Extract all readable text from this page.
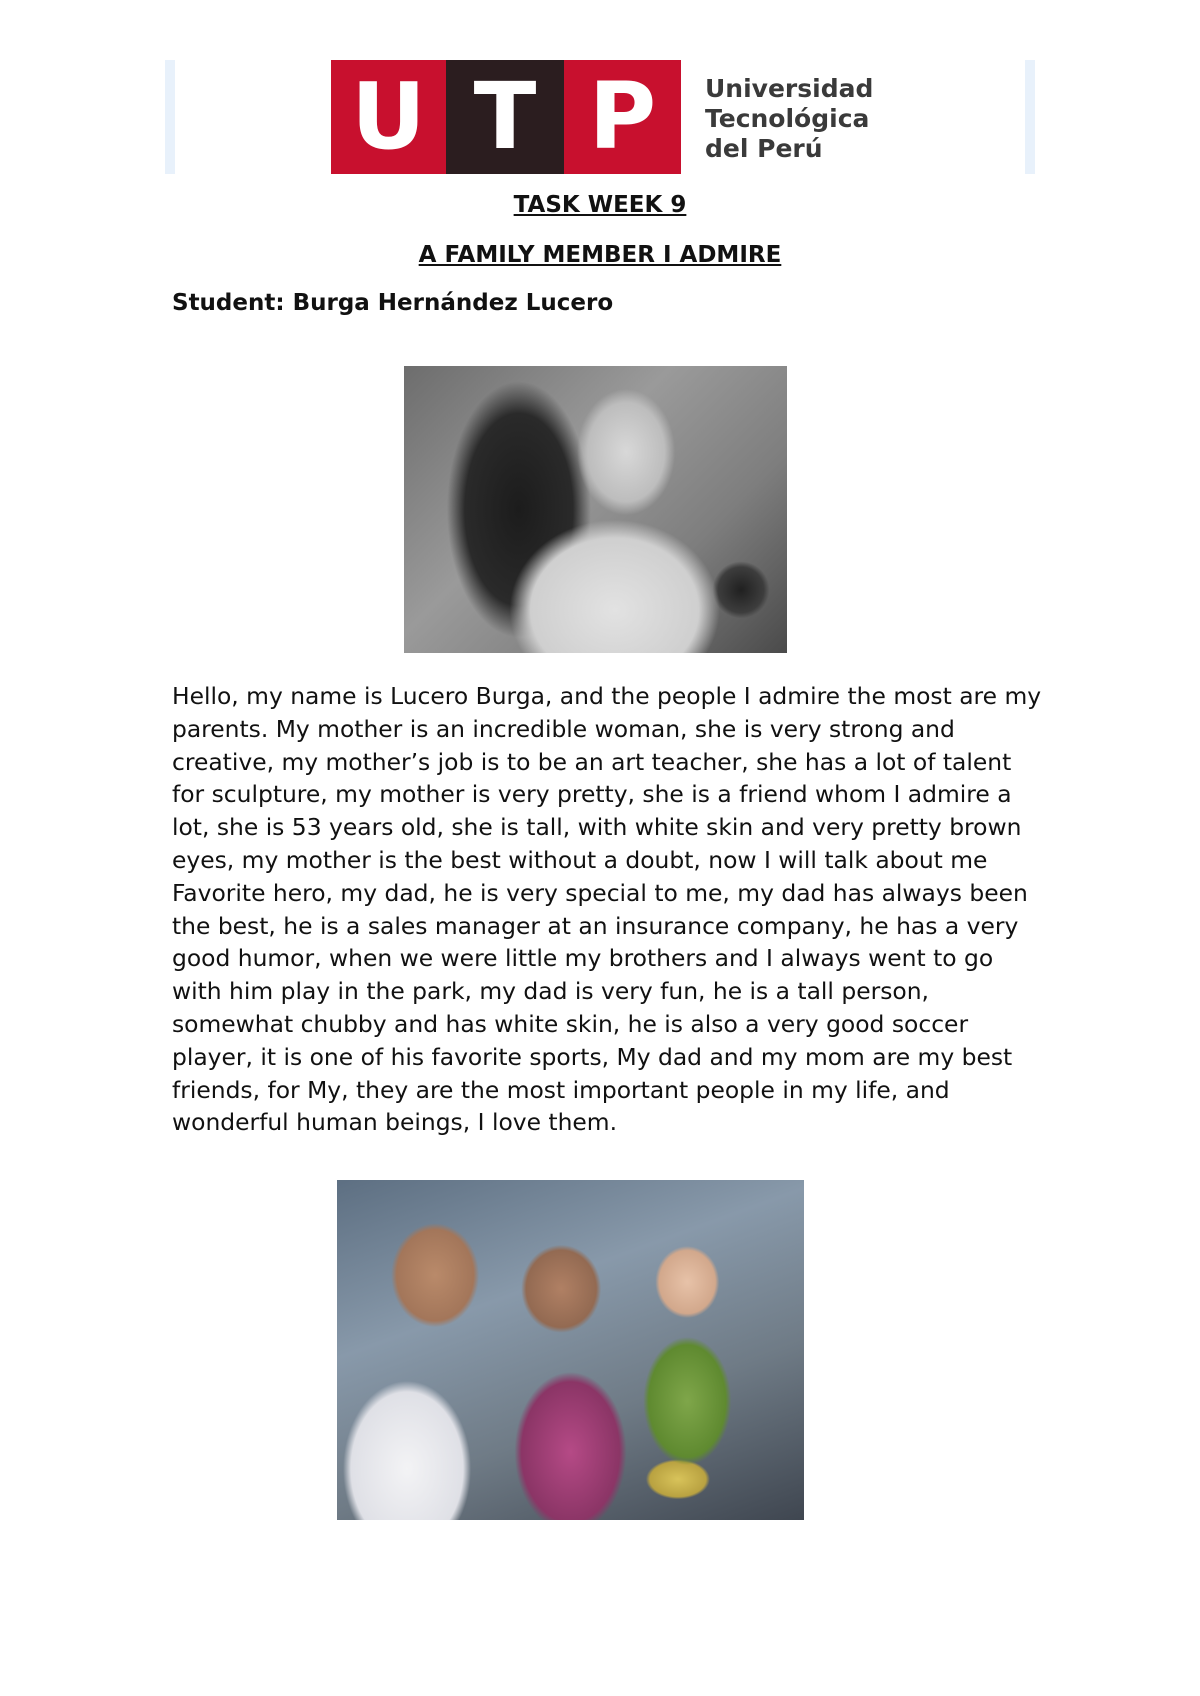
U T P	Universidad
Tecnológica
del Perú
TASK WEEK 9
A FAMILY MEMBER I ADMIRE

Student: Burga Hernández Lucero

Hello, my name is Lucero Burga, and the people I admire the most are my parents. My mother is an incredible woman, she is very strong and creative, my mother’s job is to be an art teacher, she has a lot of talent for sculpture, my mother is very pretty, she is a friend whom I admire a lot, she is 53 years old, she is tall, with white skin and very pretty brown eyes, my mother is the best without a doubt, now I will talk about me Favorite hero, my dad, he is very special to me, my dad has always been the best, he is a sales manager at an insurance company, he has a very good humor, when we were little my brothers and I always went to go with him play in the park, my dad is very fun, he is a tall person, somewhat chubby and has white skin, he is also a very good soccer player, it is one of his favorite sports, My dad and my mom are my best friends, for My, they are the most important people in my life, and wonderful human beings, I love them.
